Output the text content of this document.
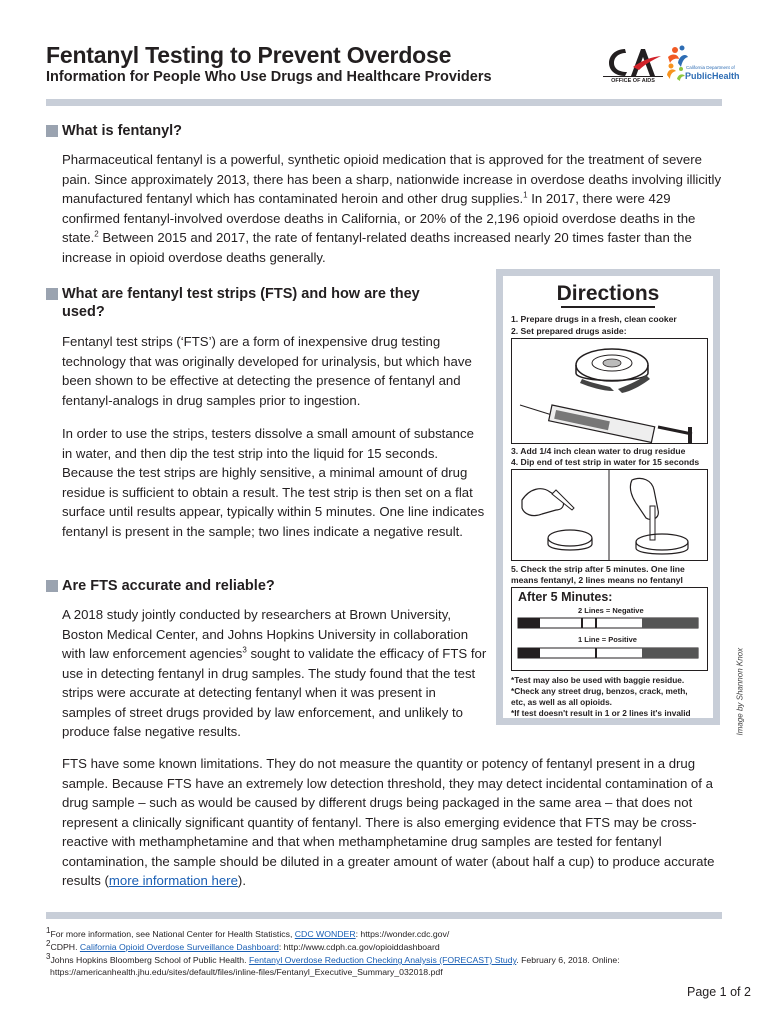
Fentanyl Testing to Prevent Overdose
Information for People Who Use Drugs and Healthcare Providers	OFFICE OF AIDS
California Department of
PublicHealth
What is fentanyl?
Pharmaceutical fentanyl is a powerful, synthetic opioid medication that is approved for the treatment of severe pain. Since approximately 2013, there has been a sharp, nationwide increase in overdose deaths involving illicitly manufactured fentanyl which has contaminated heroin and other drug supplies.$^1$ In 2017, there were 429 confirmed fentanyl-involved overdose deaths in California, or 20% of the 2,196 opioid overdose deaths in the state.$^2$ Between 2015 and 2017, the rate of fentanyl-related deaths increased nearly 20 times faster than the increase in opioid overdose deaths generally.
What are fentanyl test strips (FTS) and how are they used?
Fentanyl test strips (‘FTS’) are a form of inexpensive drug testing technology that was originally developed for urinalysis, but which have been shown to be effective at detecting the presence of fentanyl and fentanyl-analogs in drug samples prior to ingestion.
In order to use the strips, testers dissolve a small amount of substance in water, and then dip the test strip into the liquid for 15 seconds. Because the test strips are highly sensitive, a minimal amount of drug residue is sufficient to obtain a result. The test strip is then set on a flat surface until results appear, typically within 5 minutes. One line indicates fentanyl is present in the sample; two lines indicate a negative result.
Are FTS accurate and reliable?
A 2018 study jointly conducted by researchers at Brown University, Boston Medical Center, and Johns Hopkins University in collaboration with law enforcement agencies$^3$ sought to validate the efficacy of FTS for use in detecting fentanyl in drug samples. The study found that the test strips were accurate at detecting fentanyl when it was present in samples of street drugs provided by law enforcement, and unlikely to produce false negative results.
FTS have some known limitations. They do not measure the quantity or potency of fentanyl present in a drug sample. Because FTS have an extremely low detection threshold, they may detect incidental contamination of a drug sample – such as would be caused by different drugs being packaged in the same area – that does not represent a clinically significant quantity of fentanyl. There is also emerging evidence that FTS may be cross-reactive with methamphetamine and that when methamphetamine drug samples are tested for fentanyl contamination, the sample should be diluted in a greater amount of water (about half a cup) to produce accurate results (more information here).
Directions
1. Prepare drugs in a fresh, clean cooker
2. Set prepared drugs aside:
3. Add 1/4 inch clean water to drug residue
4. Dip end of test strip in water for 15 seconds
5. Check the strip after 5 minutes. One line
means fentanyl, 2 lines means no fentanyl
After 5 Minutes:
2 Lines = Negative
1 Line = Positive
*Test may also be used with baggie residue.
*Check any street drug, benzos, crack, meth,
etc, as well as all opioids.
*If test doesn't result in 1 or 2 lines it's invalid	Image by Shannon Knox
$^1$For more information, see National Center for Health Statistics, CDC WONDER: https://wonder.cdc.gov/
$^2$CDPH. California Opioid Overdose Surveillance Dashboard: http://www.cdph.ca.gov/opioiddashboard
$^3$Johns Hopkins Bloomberg School of Public Health. Fentanyl Overdose Reduction Checking Analysis (FORECAST) Study. February 6, 2018. Online:
https://americanhealth.jhu.edu/sites/default/files/inline-files/Fentanyl_Executive_Summary_032018.pdf
Page 1 of 2
